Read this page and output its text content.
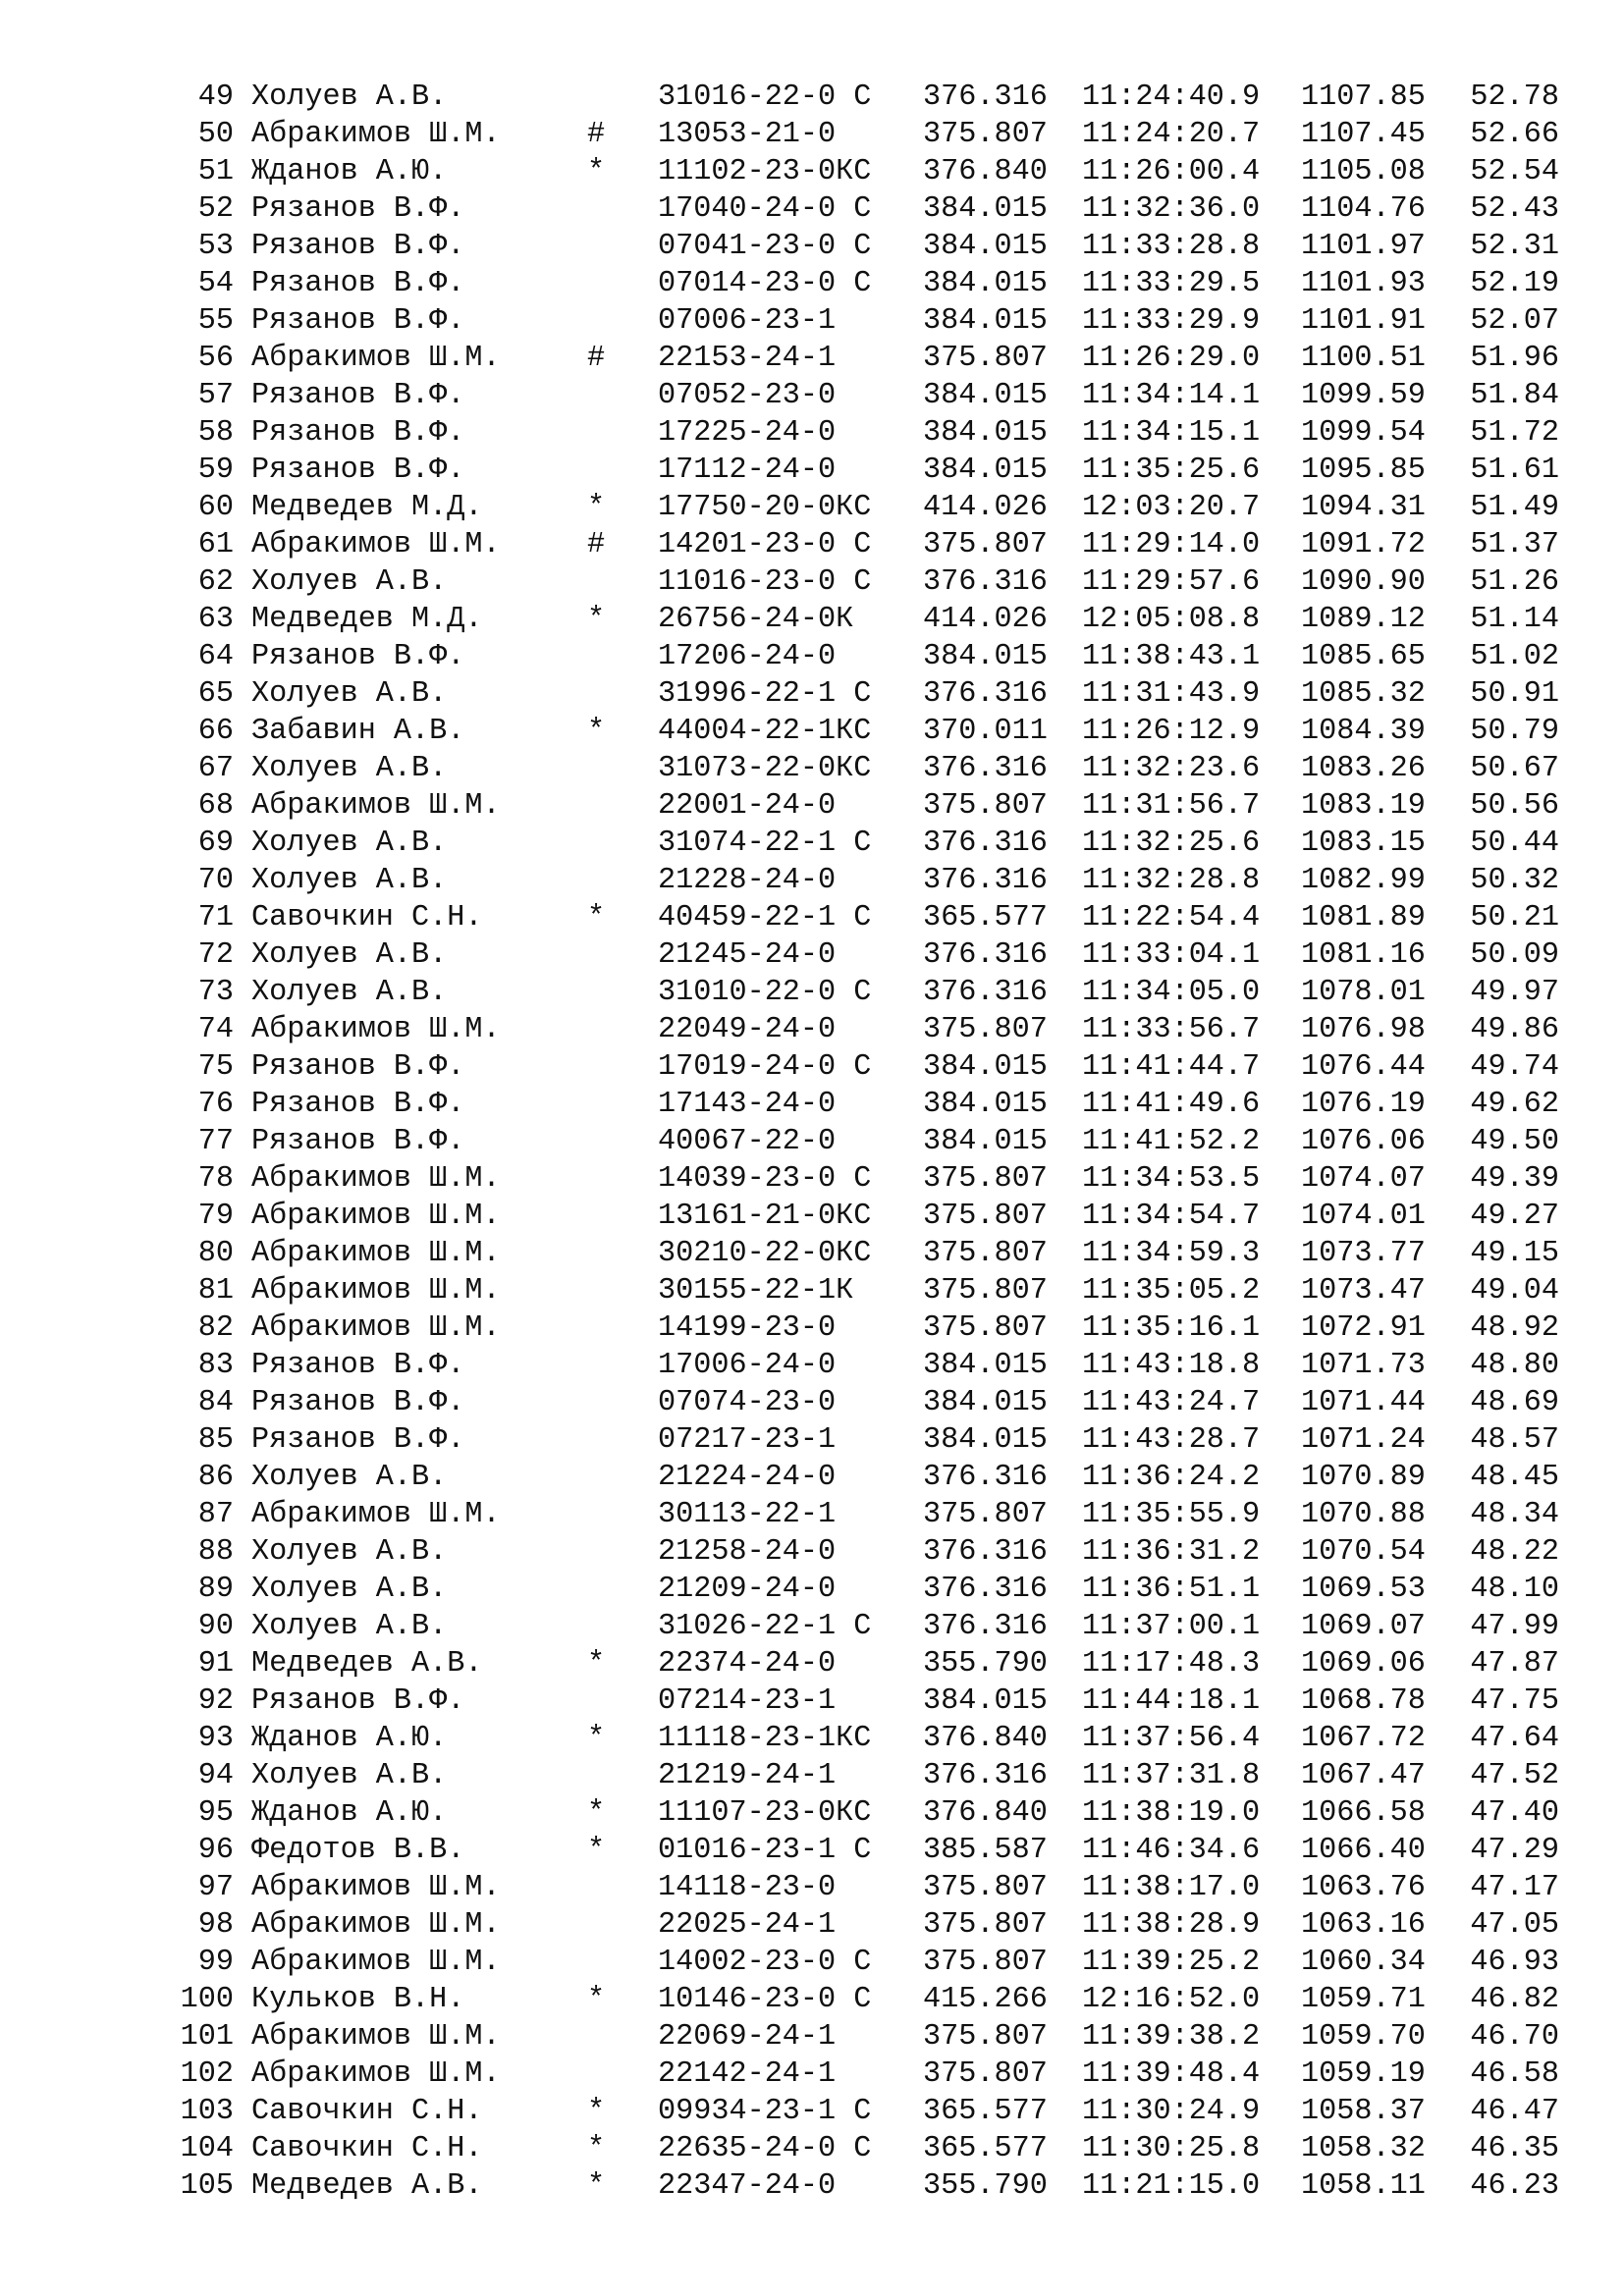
49 Холуев А.В.	31016-22-0 С	376.316	11:24:40.9	1107.85	52.78
50 Абракимов Ш.М.	#	13053-21-0	375.807	11:24:20.7	1107.45	52.66
51 Жданов А.Ю.	*	11102-23-0КС	376.840	11:26:00.4	1105.08	52.54
52 Рязанов В.Ф.	17040-24-0 С	384.015	11:32:36.0	1104.76	52.43
53 Рязанов В.Ф.	07041-23-0 С	384.015	11:33:28.8	1101.97	52.31
54 Рязанов В.Ф.	07014-23-0 С	384.015	11:33:29.5	1101.93	52.19
55 Рязанов В.Ф.	07006-23-1	384.015	11:33:29.9	1101.91	52.07
56 Абракимов Ш.М.	#	22153-24-1	375.807	11:26:29.0	1100.51	51.96
57 Рязанов В.Ф.	07052-23-0	384.015	11:34:14.1	1099.59	51.84
58 Рязанов В.Ф.	17225-24-0	384.015	11:34:15.1	1099.54	51.72
59 Рязанов В.Ф.	17112-24-0	384.015	11:35:25.6	1095.85	51.61
60 Медведев М.Д.	*	17750-20-0КС	414.026	12:03:20.7	1094.31	51.49
61 Абракимов Ш.М.	#	14201-23-0 С	375.807	11:29:14.0	1091.72	51.37
62 Холуев А.В.	11016-23-0 С	376.316	11:29:57.6	1090.90	51.26
63 Медведев М.Д.	*	26756-24-0К	414.026	12:05:08.8	1089.12	51.14
64 Рязанов В.Ф.	17206-24-0	384.015	11:38:43.1	1085.65	51.02
65 Холуев А.В.	31996-22-1 С	376.316	11:31:43.9	1085.32	50.91
66 Забавин А.В.	*	44004-22-1КС	370.011	11:26:12.9	1084.39	50.79
67 Холуев А.В.	31073-22-0КС	376.316	11:32:23.6	1083.26	50.67
68 Абракимов Ш.М.	22001-24-0	375.807	11:31:56.7	1083.19	50.56
69 Холуев А.В.	31074-22-1 С	376.316	11:32:25.6	1083.15	50.44
70 Холуев А.В.	21228-24-0	376.316	11:32:28.8	1082.99	50.32
71 Савочкин С.Н.	*	40459-22-1 С	365.577	11:22:54.4	1081.89	50.21
72 Холуев А.В.	21245-24-0	376.316	11:33:04.1	1081.16	50.09
73 Холуев А.В.	31010-22-0 С	376.316	11:34:05.0	1078.01	49.97
74 Абракимов Ш.М.	22049-24-0	375.807	11:33:56.7	1076.98	49.86
75 Рязанов В.Ф.	17019-24-0 С	384.015	11:41:44.7	1076.44	49.74
76 Рязанов В.Ф.	17143-24-0	384.015	11:41:49.6	1076.19	49.62
77 Рязанов В.Ф.	40067-22-0	384.015	11:41:52.2	1076.06	49.50
78 Абракимов Ш.М.	14039-23-0 С	375.807	11:34:53.5	1074.07	49.39
79 Абракимов Ш.М.	13161-21-0КС	375.807	11:34:54.7	1074.01	49.27
80 Абракимов Ш.М.	30210-22-0КС	375.807	11:34:59.3	1073.77	49.15
81 Абракимов Ш.М.	30155-22-1К	375.807	11:35:05.2	1073.47	49.04
82 Абракимов Ш.М.	14199-23-0	375.807	11:35:16.1	1072.91	48.92
83 Рязанов В.Ф.	17006-24-0	384.015	11:43:18.8	1071.73	48.80
84 Рязанов В.Ф.	07074-23-0	384.015	11:43:24.7	1071.44	48.69
85 Рязанов В.Ф.	07217-23-1	384.015	11:43:28.7	1071.24	48.57
86 Холуев А.В.	21224-24-0	376.316	11:36:24.2	1070.89	48.45
87 Абракимов Ш.М.	30113-22-1	375.807	11:35:55.9	1070.88	48.34
88 Холуев А.В.	21258-24-0	376.316	11:36:31.2	1070.54	48.22
89 Холуев А.В.	21209-24-0	376.316	11:36:51.1	1069.53	48.10
90 Холуев А.В.	31026-22-1 С	376.316	11:37:00.1	1069.07	47.99
91 Медведев А.В.	*	22374-24-0	355.790	11:17:48.3	1069.06	47.87
92 Рязанов В.Ф.	07214-23-1	384.015	11:44:18.1	1068.78	47.75
93 Жданов А.Ю.	*	11118-23-1КС	376.840	11:37:56.4	1067.72	47.64
94 Холуев А.В.	21219-24-1	376.316	11:37:31.8	1067.47	47.52
95 Жданов А.Ю.	*	11107-23-0КС	376.840	11:38:19.0	1066.58	47.40
96 Федотов В.В.	*	01016-23-1 С	385.587	11:46:34.6	1066.40	47.29
97 Абракимов Ш.М.	14118-23-0	375.807	11:38:17.0	1063.76	47.17
98 Абракимов Ш.М.	22025-24-1	375.807	11:38:28.9	1063.16	47.05
99 Абракимов Ш.М.	14002-23-0 С	375.807	11:39:25.2	1060.34	46.93
100 Кульков В.Н.	*	10146-23-0 С	415.266	12:16:52.0	1059.71	46.82
101 Абракимов Ш.М.	22069-24-1	375.807	11:39:38.2	1059.70	46.70
102 Абракимов Ш.М.	22142-24-1	375.807	11:39:48.4	1059.19	46.58
103 Савочкин С.Н.	*	09934-23-1 С	365.577	11:30:24.9	1058.37	46.47
104 Савочкин С.Н.	*	22635-24-0 С	365.577	11:30:25.8	1058.32	46.35
105 Медведев А.В.	*	22347-24-0	355.790	11:21:15.0	1058.11	46.23
